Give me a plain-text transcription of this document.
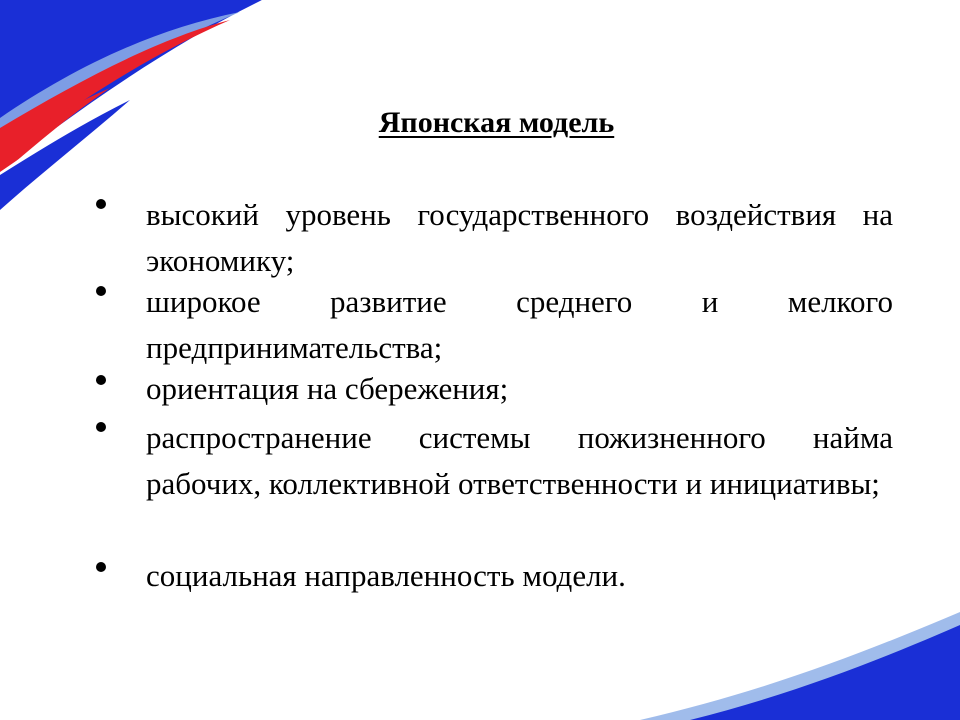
Японская модель
высокий уровень государственного воздействия на экономику;
широкое развитие среднего и мелкого предпринимательства;
ориентация на сбережения;
распространение системы пожизненного найма рабочих, коллективной ответственности и инициативы;
социальная направленность модели.
